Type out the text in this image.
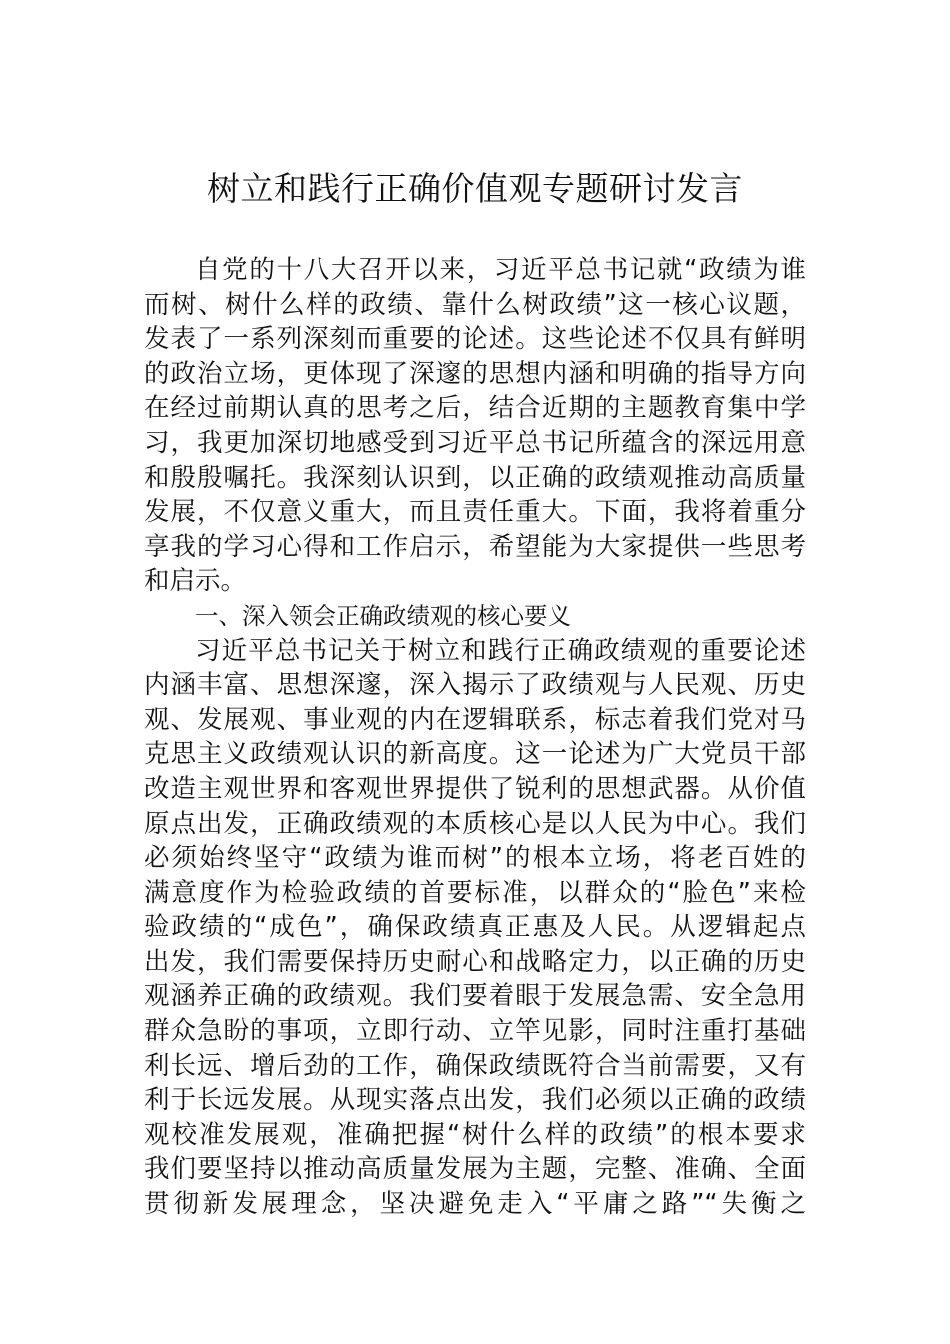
树立和践行正确价值观专题研讨发言
自党的十八大召开以来，习近平总书记就“政绩为谁
而树、树什么样的政绩、靠什么树政绩”这一核心议题，
发表了一系列深刻而重要的论述。这些论述不仅具有鲜明
的政治立场，更体现了深邃的思想内涵和明确的指导方向
在经过前期认真的思考之后，结合近期的主题教育集中学
习，我更加深切地感受到习近平总书记所蕴含的深远用意
和殷殷嘱托。我深刻认识到，以正确的政绩观推动高质量
发展，不仅意义重大，而且责任重大。下面，我将着重分
享我的学习心得和工作启示，希望能为大家提供一些思考
和启示。
一、深入领会正确政绩观的核心要义
习近平总书记关于树立和践行正确政绩观的重要论述
内涵丰富、思想深邃，深入揭示了政绩观与人民观、历史
观、发展观、事业观的内在逻辑联系，标志着我们党对马
克思主义政绩观认识的新高度。这一论述为广大党员干部
改造主观世界和客观世界提供了锐利的思想武器。从价值
原点出发，正确政绩观的本质核心是以人民为中心。我们
必须始终坚守“政绩为谁而树”的根本立场，将老百姓的
满意度作为检验政绩的首要标准，以群众的“脸色”来检
验政绩的“成色”，确保政绩真正惠及人民。从逻辑起点
出发，我们需要保持历史耐心和战略定力，以正确的历史
观涵养正确的政绩观。我们要着眼于发展急需、安全急用
群众急盼的事项，立即行动、立竿见影，同时注重打基础
利长远、增后劲的工作，确保政绩既符合当前需要，又有
利于长远发展。从现实落点出发，我们必须以正确的政绩
观校准发展观，准确把握“树什么样的政绩”的根本要求
我们要坚持以推动高质量发展为主题，完整、准确、全面
贯彻新发展理念，坚决避免走入“平庸之路”“失衡之
